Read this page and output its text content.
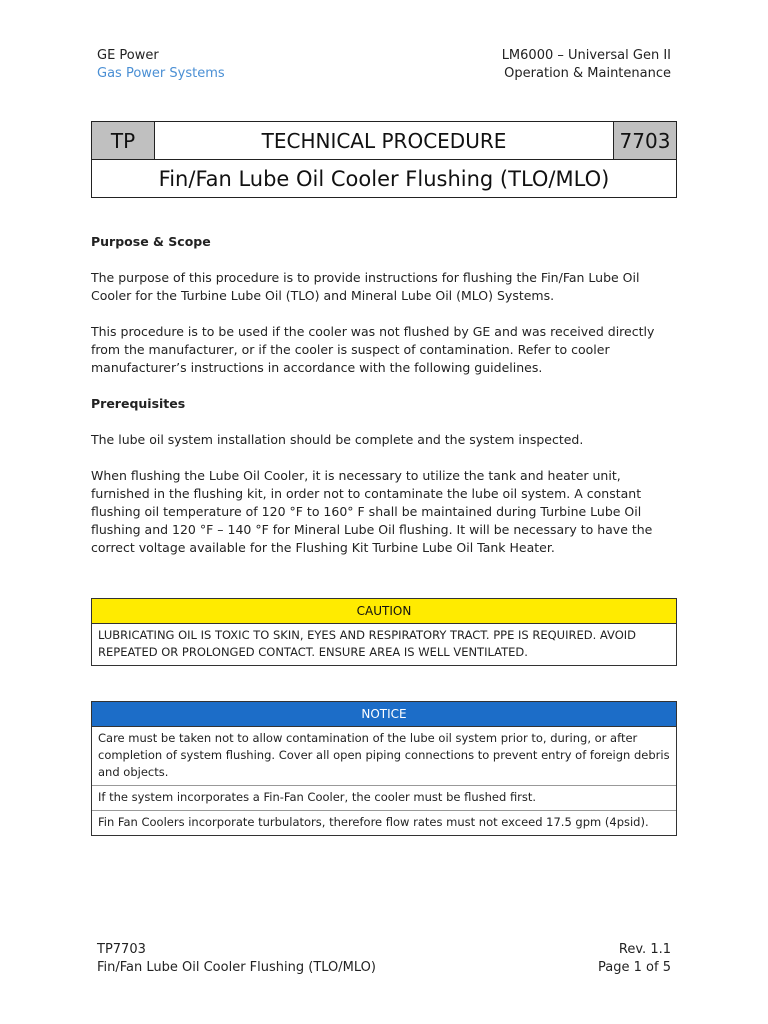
GE Power
Gas Power Systems
LM6000 – Universal Gen II
Operation & Maintenance
TP	TECHNICAL PROCEDURE	7703
Fin/Fan Lube Oil Cooler Flushing (TLO/MLO)
Purpose & Scope

The purpose of this procedure is to provide instructions for flushing the Fin/Fan Lube Oil Cooler for the Turbine Lube Oil (TLO) and Mineral Lube Oil (MLO) Systems.

This procedure is to be used if the cooler was not flushed by GE and was received directly from the manufacturer, or if the cooler is suspect of contamination. Refer to cooler manufacturer’s instructions in accordance with the following guidelines.

Prerequisites

The lube oil system installation should be complete and the system inspected.

When flushing the Lube Oil Cooler, it is necessary to utilize the tank and heater unit, furnished in the flushing kit, in order not to contaminate the lube oil system. A constant flushing oil temperature of 120 °F to 160° F shall be maintained during Turbine Lube Oil flushing and 120 °F – 140 °F for Mineral Lube Oil flushing. It will be necessary to have the correct voltage available for the Flushing Kit Turbine Lube Oil Tank Heater.

CAUTION
LUBRICATING OIL IS TOXIC TO SKIN, EYES AND RESPIRATORY TRACT. PPE IS REQUIRED. AVOID REPEATED OR PROLONGED CONTACT. ENSURE AREA IS WELL VENTILATED.
NOTICE
Care must be taken not to allow contamination of the lube oil system prior to, during, or after completion of system flushing. Cover all open piping connections to prevent entry of foreign debris and objects.
If the system incorporates a Fin-Fan Cooler, the cooler must be flushed first.
Fin Fan Coolers incorporate turbulators, therefore flow rates must not exceed 17.5 gpm (4psid).
TP7703
Fin/Fan Lube Oil Cooler Flushing (TLO/MLO)
Rev. 1.1
Page 1 of 5
